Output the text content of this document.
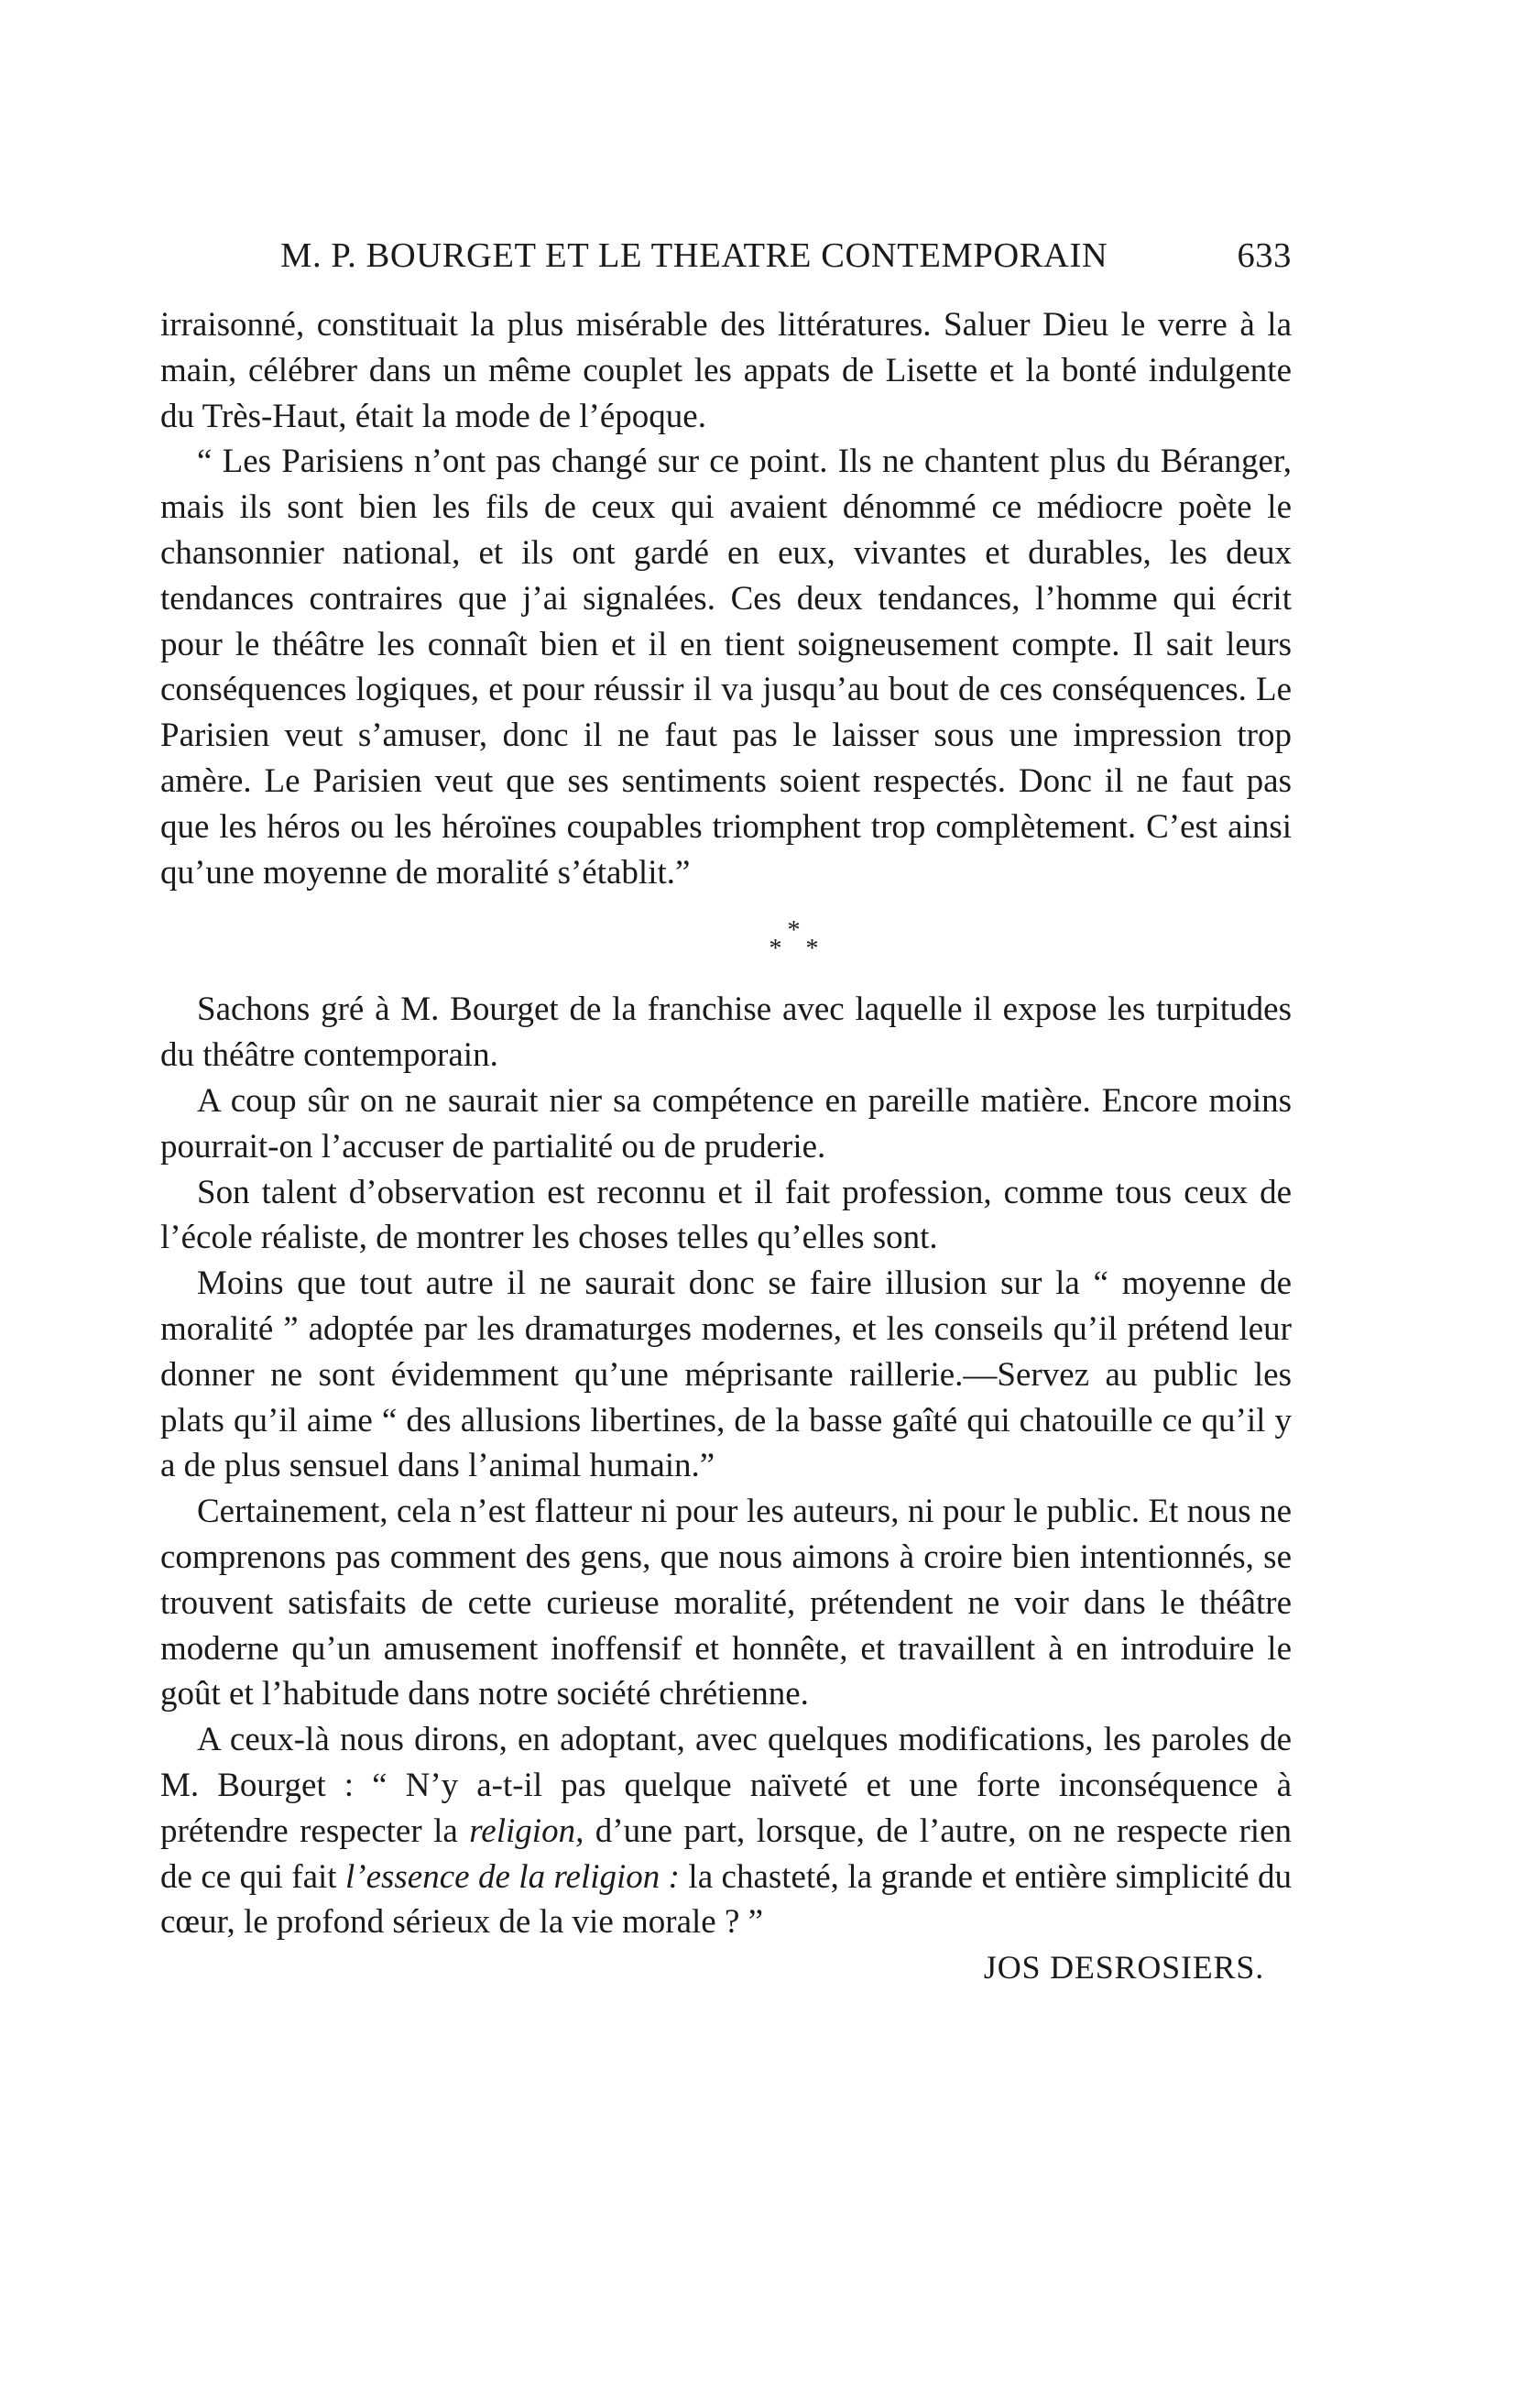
M. P. BOURGET ET LE THEATRE CONTEMPORAIN	633

irraisonné, constituait la plus misérable des littératures. Saluer Dieu le verre à la main, célébrer dans un même couplet les appats de Lisette et la bonté indulgente du Très-Haut, était la mode de l’époque.

“ Les Parisiens n’ont pas changé sur ce point. Ils ne chantent plus du Béranger, mais ils sont bien les fils de ceux qui avaient dénommé ce médiocre poète le chansonnier national, et ils ont gardé en eux, vivantes et durables, les deux tendances contraires que j’ai signalées. Ces deux tendances, l’homme qui écrit pour le théâtre les connaît bien et il en tient soigneusement compte. Il sait leurs conséquences logiques, et pour réussir il va jusqu’au bout de ces conséquences. Le Parisien veut s’amuser, donc il ne faut pas le laisser sous une impression trop amère. Le Parisien veut que ses sentiments soient respectés. Donc il ne faut pas que les héros ou les héroïnes coupables triomphent trop complètement. C’est ainsi qu’une moyenne de moralité s’établit.”

*
* *

Sachons gré à M. Bourget de la franchise avec laquelle il expose les turpitudes du théâtre contemporain.

A coup sûr on ne saurait nier sa compétence en pareille matière. Encore moins pourrait-on l’accuser de partialité ou de pruderie.

Son talent d’observation est reconnu et il fait profession, comme tous ceux de l’école réaliste, de montrer les choses telles qu’elles sont.

Moins que tout autre il ne saurait donc se faire illusion sur la “ moyenne de moralité ” adoptée par les dramaturges modernes, et les conseils qu’il prétend leur donner ne sont évidemment qu’une méprisante raillerie.—Servez au public les plats qu’il aime “ des allusions libertines, de la basse gaîté qui chatouille ce qu’il y a de plus sensuel dans l’animal humain.”

Certainement, cela n’est flatteur ni pour les auteurs, ni pour le public. Et nous ne comprenons pas comment des gens, que nous aimons à croire bien intentionnés, se trouvent satisfaits de cette curieuse moralité, prétendent ne voir dans le théâtre moderne qu’un amusement inoffensif et honnête, et travaillent à en introduire le goût et l’habitude dans notre société chrétienne.

A ceux-là nous dirons, en adoptant, avec quelques modifications, les paroles de M. Bourget : “ N’y a-t-il pas quelque naïveté et une forte inconséquence à prétendre respecter la religion, d’une part, lorsque, de l’autre, on ne respecte rien de ce qui fait l’essence de la religion : la chasteté, la grande et entière simplicité du cœur, le profond sérieux de la vie morale ? ”

JOS DESROSIERS.
